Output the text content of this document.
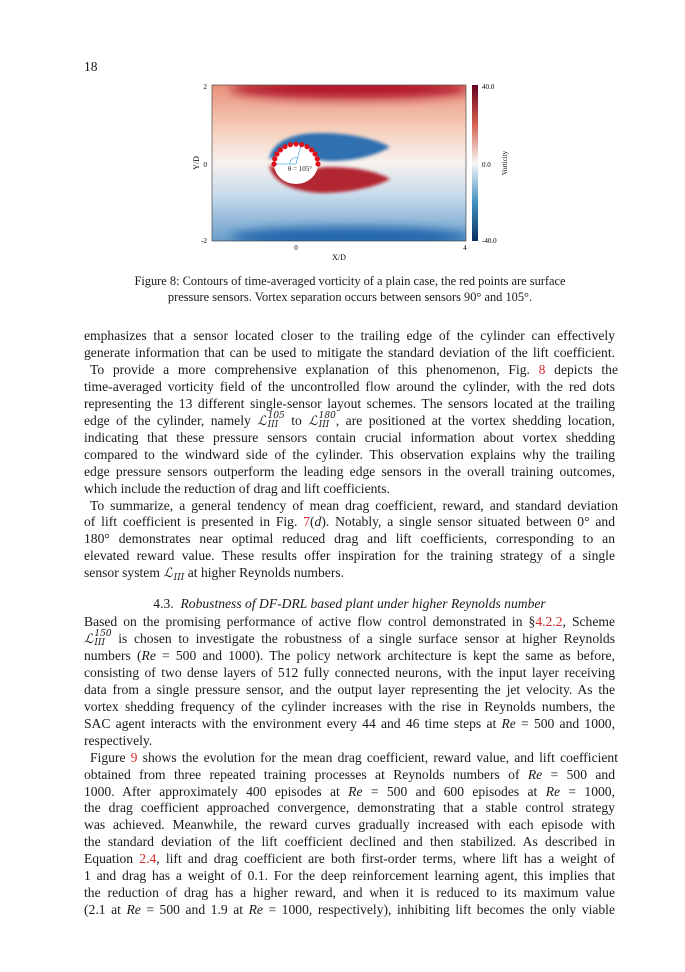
18
θ = 105°
2
0
-2
0	4
X/D
Y/D
40.0
0.0
-40.0
Vorticity
Figure 8: Contours of time-averaged vorticity of a plain case, the red points are surface
pressure sensors. Vortex separation occurs between sensors 90° and 105°.
4.3. Robustness of DF-DRL based plant under higher Reynolds number
emphasizes that a sensor located closer to the trailing edge of the cylinder can effectively
generate information that can be used to mitigate the standard deviation of the lift coefficient.
To provide a more comprehensive explanation of this phenomenon, Fig. 8 depicts the
time-averaged vorticity field of the uncontrolled flow around the cylinder, with the red dots
representing the 13 different single-sensor layout schemes. The sensors located at the trailing
edge of the cylinder, namely ℒ 105
III to ℒ 180
III , are positioned at the vortex shedding location,
indicating that these pressure sensors contain crucial information about vortex shedding
compared to the windward side of the cylinder. This observation explains why the trailing
edge pressure sensors outperform the leading edge sensors in the overall training outcomes,
which include the reduction of drag and lift coefficients.
To summarize, a general tendency of mean drag coefficient, reward, and standard deviation
of lift coefficient is presented in Fig. 7(d). Notably, a single sensor situated between 0° and
180° demonstrates near optimal reduced drag and lift coefficients, corresponding to an
elevated reward value. These results offer inspiration for the training strategy of a single
sensor system ℒ
III at higher Reynolds numbers.
Based on the promising performance of active flow control demonstrated in §4.2.2, Scheme
ℒ 150
III is chosen to investigate the robustness of a single surface sensor at higher Reynolds
numbers (Re = 500 and 1000). The policy network architecture is kept the same as before,
consisting of two dense layers of 512 fully connected neurons, with the input layer receiving
data from a single pressure sensor, and the output layer representing the jet velocity. As the
vortex shedding frequency of the cylinder increases with the rise in Reynolds numbers, the
SAC agent interacts with the environment every 44 and 46 time steps at Re = 500 and 1000,
respectively.
Figure 9 shows the evolution for the mean drag coefficient, reward value, and lift coefficient
obtained from three repeated training processes at Reynolds numbers of Re = 500 and
1000. After approximately 400 episodes at Re = 500 and 600 episodes at Re = 1000,
the drag coefficient approached convergence, demonstrating that a stable control strategy
was achieved. Meanwhile, the reward curves gradually increased with each episode with
the standard deviation of the lift coefficient declined and then stabilized. As described in
Equation 2.4, lift and drag coefficient are both first-order terms, where lift has a weight of
1 and drag has a weight of 0.1. For the deep reinforcement learning agent, this implies that
the reduction of drag has a higher reward, and when it is reduced to its maximum value
(2.1 at Re = 500 and 1.9 at Re = 1000, respectively), inhibiting lift becomes the only viable
